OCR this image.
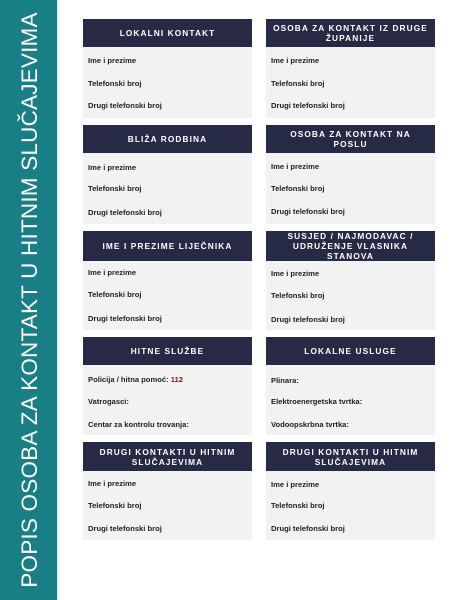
POPIS OSOBA ZA KONTAKT U HITNIM SLUČAJEVIMA	LOKALNI KONTAKT
Ime i prezime
Telefonski broj
Drugi telefonski broj
OSOBA ZA KONTAKT IZ DRUGE ŽUPANIJE
Ime i prezime
Telefonski broj
Drugi telefonski broj
BLIŽA RODBINA
Ime i prezime
Telefonski broj
Drugi telefonski broj
OSOBA ZA KONTAKT NA POSLU
Ime i prezime
Telefonski broj
Drugi telefonski broj
IME I PREZIME LIJEČNIKA
Ime i prezime
Telefonski broj
Drugi telefonski broj
SUSJED / NAJMODAVAC / UDRUŽENJE VLASNIKA STANOVA
Ime i prezime
Telefonski broj
Drugi telefonski broj
HITNE SLUŽBE
Policija / hitna pomoć: 112
Vatrogasci:
Centar za kontrolu trovanja:
LOKALNE USLUGE
Plinara:
Elektroenergetska tvrtka:
Vodoopskrbna tvrtka:
DRUGI KONTAKTI U HITNIM SLUČAJEVIMA
Ime i prezime
Telefonski broj
Drugi telefonski broj
DRUGI KONTAKTI U HITNIM SLUČAJEVIMA
Ime i prezime
Telefonski broj
Drugi telefonski broj
